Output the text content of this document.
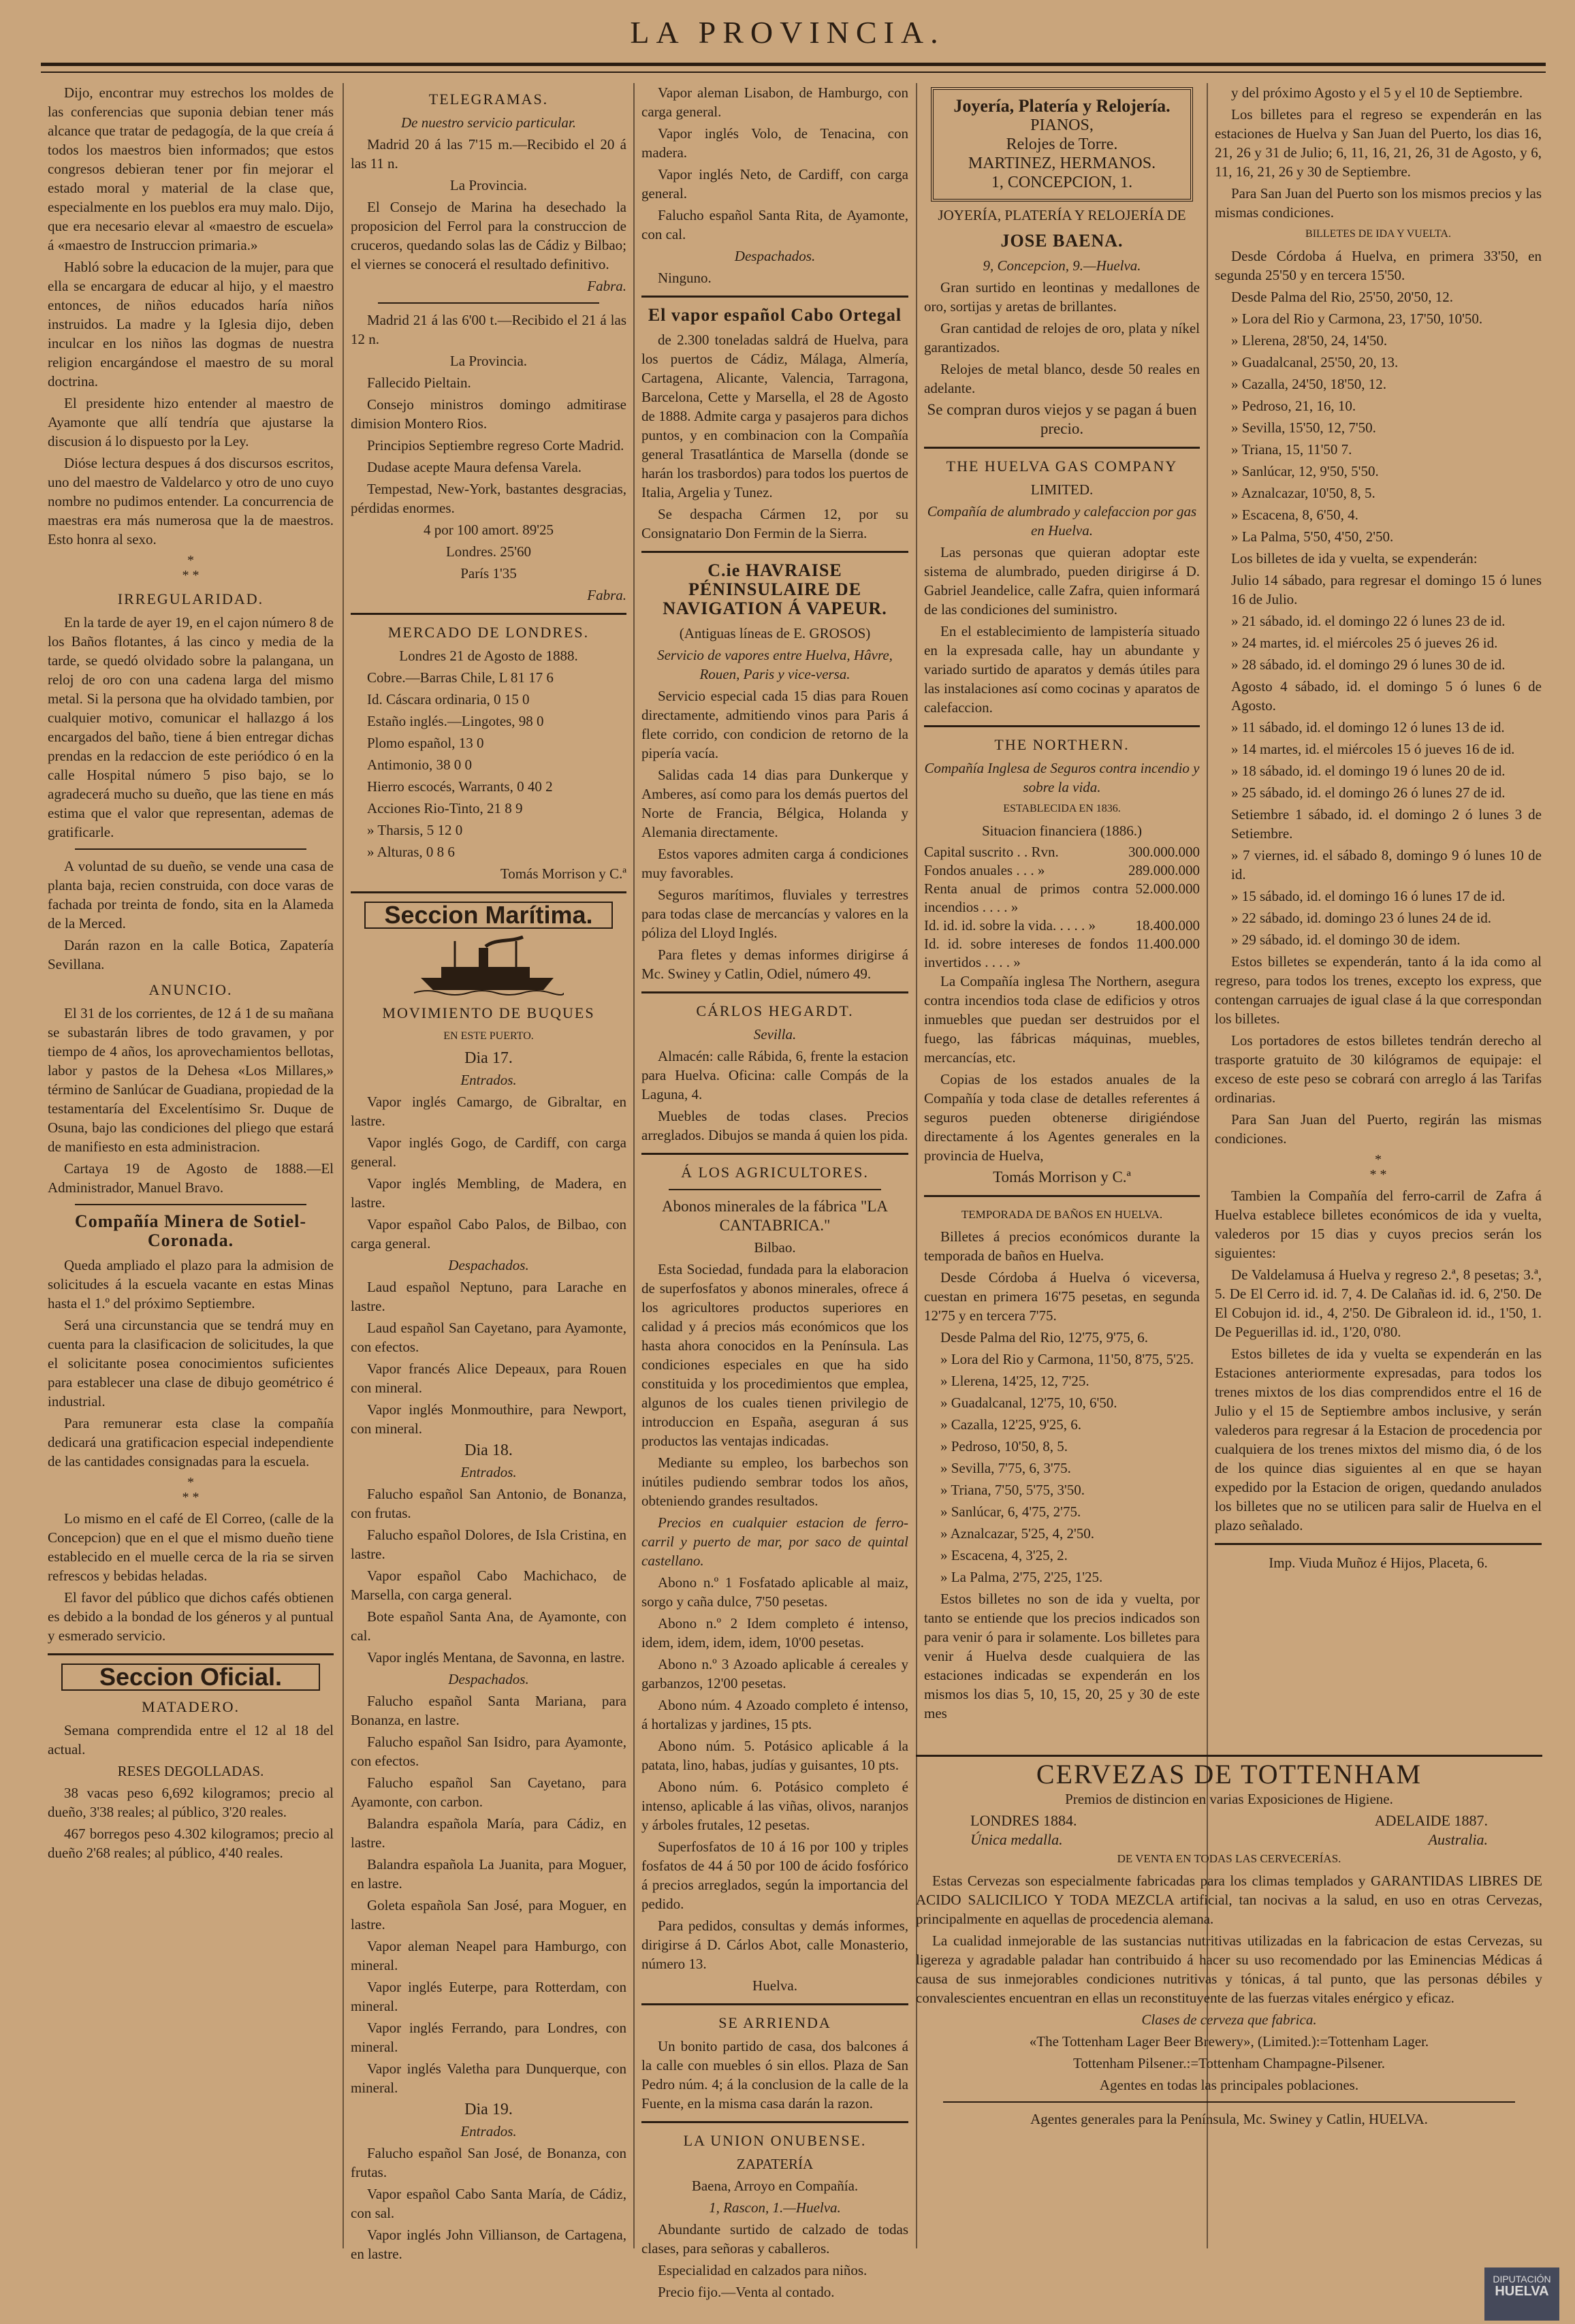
LA PROVINCIA.

Dijo, encontrar muy estrechos los moldes de las conferencias que suponia debian tener más alcance que tratar de pedagogía, de la que creía á todos los maestros bien informados; que estos congresos debieran tener por fin mejorar el estado moral y material de la clase que, especialmente en los pueblos era muy malo. Dijo, que era necesario elevar al «maestro de escuela» á «maestro de Instruccion primaria.»

Habló sobre la educacion de la mujer, para que ella se encargara de educar al hijo, y el maestro entonces, de niños educados haría niños instruidos. La madre y la Iglesia dijo, deben inculcar en los niños las dogmas de nuestra religion encargándose el maestro de su moral doctrina.

El presidente hizo entender al maestro de Ayamonte que allí tendría que ajustarse la discusion á lo dispuesto por la Ley.

Dióse lectura despues á dos discursos escritos, uno del maestro de Valdelarco y otro de uno cuyo nombre no pudimos entender. La concurrencia de maestras era más numerosa que la de maestros. Esto honra al sexo.

*
* *
IRREGULARIDAD.

En la tarde de ayer 19, en el cajon número 8 de los Baños flotantes, á las cinco y media de la tarde, se quedó olvidado sobre la palangana, un reloj de oro con una cadena larga del mismo metal. Si la persona que ha olvidado tambien, por cualquier motivo, comunicar el hallazgo á los encargados del baño, tiene á bien entregar dichas prendas en la redaccion de este periódico ó en la calle Hospital número 5 piso bajo, se lo agradecerá mucho su dueño, que las tiene en más estima que el valor que representan, ademas de gratificarle.

A voluntad de su dueño, se vende una casa de planta baja, recien construida, con doce varas de fachada por treinta de fondo, sita en la Alameda de la Merced.

Darán razon en la calle Botica, Zapatería Sevillana.

ANUNCIO.

El 31 de los corrientes, de 12 á 1 de su mañana se subastarán libres de todo gravamen, y por tiempo de 4 años, los aprovechamientos bellotas, labor y pastos de la Dehesa «Los Millares,» término de Sanlúcar de Guadiana, propiedad de la testamentaría del Excelentísimo Sr. Duque de Osuna, bajo las condiciones del pliego que estará de manifiesto en esta administracion.

Cartaya 19 de Agosto de 1888.—El Administrador, Manuel Bravo.

Compañía Minera de Sotiel-Coronada.

Queda ampliado el plazo para la admision de solicitudes á la escuela vacante en estas Minas hasta el 1.º del próximo Septiembre.

Será una circunstancia que se tendrá muy en cuenta para la clasificacion de solicitudes, la que el solicitante posea conocimientos suficientes para establecer una clase de dibujo geométrico é industrial.

Para remunerar esta clase la compañía dedicará una gratificacion especial independiente de las cantidades consignadas para la escuela.

*
* *

Lo mismo en el café de El Correo, (calle de la Concepcion) que en el que el mismo dueño tiene establecido en el muelle cerca de la ria se sirven refrescos y bebidas heladas.

El favor del público que dichos cafés obtienen es debido a la bondad de los géneros y al puntual y esmerado servicio.

Seccion Oficial.
MATADERO.

Semana comprendida entre el 12 al 18 del actual.

RESES DEGOLLADAS.

38 vacas peso 6,692 kilogramos; precio al dueño, 3'38 reales; al público, 3'20 reales.

467 borregos peso 4.302 kilogramos; precio al dueño 2'68 reales; al público, 4'40 reales.

TELEGRAMAS.

De nuestro servicio particular.

Madrid 20 á las 7'15 m.—Recibido el 20 á las 11 n.

La Provincia.

El Consejo de Marina ha desechado la proposicion del Ferrol para la construccion de cruceros, quedando solas las de Cádiz y Bilbao; el viernes se conocerá el resultado definitivo.

Fabra.

Madrid 21 á las 6'00 t.—Recibido el 21 á las 12 n.

La Provincia.

Fallecido Pieltain.

Consejo ministros domingo admitirase dimision Montero Rios.

Principios Septiembre regreso Corte Madrid.

Dudase acepte Maura defensa Varela.

Tempestad, New-York, bastantes desgracias, pérdidas enormes.

4 por 100 amort. 89'25

Londres. 25'60

París 1'35

Fabra.

MERCADO DE LONDRES.

Londres 21 de Agosto de 1888.

Cobre.—Barras Chile, L 81 17 6

Id. Cáscara ordinaria, 0 15 0

Estaño inglés.—Lingotes, 98 0

Plomo español, 13 0

Antimonio, 38 0 0

Hierro escocés, Warrants, 0 40 2

Acciones Rio-Tinto, 21 8 9

» Tharsis, 5 12 0

» Alturas, 0 8 6

Tomás Morrison y C.ª

Seccion Marítima.
MOVIMIENTO DE BUQUES

EN ESTE PUERTO.

Dia 17.

Entrados.

Vapor inglés Camargo, de Gibraltar, en lastre.

Vapor inglés Gogo, de Cardiff, con carga general.

Vapor inglés Membling, de Madera, en lastre.

Vapor español Cabo Palos, de Bilbao, con carga general.

Despachados.

Laud español Neptuno, para Larache en lastre.

Laud español San Cayetano, para Ayamonte, con efectos.

Vapor francés Alice Depeaux, para Rouen con mineral.

Vapor inglés Monmouthire, para Newport, con mineral.

Dia 18.

Entrados.

Falucho español San Antonio, de Bonanza, con frutas.

Falucho español Dolores, de Isla Cristina, en lastre.

Vapor español Cabo Machichaco, de Marsella, con carga general.

Bote español Santa Ana, de Ayamonte, con cal.

Vapor inglés Mentana, de Savonna, en lastre.

Despachados.

Falucho español Santa Mariana, para Bonanza, en lastre.

Falucho español San Isidro, para Ayamonte, con efectos.

Falucho español San Cayetano, para Ayamonte, con carbon.

Balandra española María, para Cádiz, en lastre.

Balandra española La Juanita, para Moguer, en lastre.

Goleta española San José, para Moguer, en lastre.

Vapor aleman Neapel para Hamburgo, con mineral.

Vapor inglés Euterpe, para Rotterdam, con mineral.

Vapor inglés Ferrando, para Londres, con mineral.

Vapor inglés Valetha para Dunquerque, con mineral.

Dia 19.

Entrados.

Falucho español San José, de Bonanza, con frutas.

Vapor español Cabo Santa María, de Cádiz, con sal.

Vapor inglés John Villianson, de Cartagena, en lastre.

Vapor aleman Lisabon, de Hamburgo, con carga general.

Vapor inglés Volo, de Tenacina, con madera.

Vapor inglés Neto, de Cardiff, con carga general.

Falucho español Santa Rita, de Ayamonte, con cal.

Despachados.

Ninguno.

El vapor español Cabo Ortegal

de 2.300 toneladas saldrá de Huelva, para los puertos de Cádiz, Málaga, Almería, Cartagena, Alicante, Valencia, Tarragona, Barcelona, Cette y Marsella, el 28 de Agosto de 1888. Admite carga y pasajeros para dichos puntos, y en combinacion con la Compañía general Trasatlántica de Marsella (donde se harán los trasbordos) para todos los puertos de Italia, Argelia y Tunez.

Se despacha Cármen 12, por su Consignatario Don Fermin de la Sierra.

C.ie HAVRAISE PÉNINSULAIRE DE NAVIGATION Á VAPEUR.

(Antiguas líneas de E. GROSOS)

Servicio de vapores entre Huelva, Hâvre, Rouen, Paris y vice-versa.

Servicio especial cada 15 dias para Rouen directamente, admitiendo vinos para Paris á flete corrido, con condicion de retorno de la pipería vacía.

Salidas cada 14 dias para Dunkerque y Amberes, así como para los demás puertos del Norte de Francia, Bélgica, Holanda y Alemania directamente.

Estos vapores admiten carga á condiciones muy favorables.

Seguros marítimos, fluviales y terrestres para todas clase de mercancías y valores en la póliza del Lloyd Inglés.

Para fletes y demas informes dirigirse á Mc. Swiney y Catlin, Odiel, número 49.

CÁRLOS HEGARDT.

Sevilla.

Almacén: calle Rábida, 6, frente la estacion para Huelva. Oficina: calle Compás de la Laguna, 4.

Muebles de todas clases. Precios arreglados. Dibujos se manda á quien los pida.

Á LOS AGRICULTORES.

Abonos minerales de la fábrica "LA CANTABRICA."

Bilbao.

Esta Sociedad, fundada para la elaboracion de superfosfatos y abonos minerales, ofrece á los agricultores productos superiores en calidad y á precios más económicos que los hasta ahora conocidos en la Península. Las condiciones especiales en que ha sido constituida y los procedimientos que emplea, algunos de los cuales tienen privilegio de introduccion en España, aseguran á sus productos las ventajas indicadas.

Mediante su empleo, los barbechos son inútiles pudiendo sembrar todos los años, obteniendo grandes resultados.

Precios en cualquier estacion de ferro-carril y puerto de mar, por saco de quintal castellano.

Abono n.º 1 Fosfatado aplicable al maiz, sorgo y caña dulce, 7'50 pesetas.

Abono n.º 2 Idem completo é intenso, idem, idem, idem, idem, 10'00 pesetas.

Abono n.º 3 Azoado aplicable á cereales y garbanzos, 12'00 pesetas.

Abono núm. 4 Azoado completo é intenso, á hortalizas y jardines, 15 pts.

Abono núm. 5. Potásico aplicable á la patata, lino, habas, judías y guisantes, 10 pts.

Abono núm. 6. Potásico completo é intenso, aplicable á las viñas, olivos, naranjos y árboles frutales, 12 pesetas.

Superfosfatos de 10 á 16 por 100 y triples fosfatos de 44 á 50 por 100 de ácido fosfórico á precios arreglados, según la importancia del pedido.

Para pedidos, consultas y demás informes, dirigirse á D. Cárlos Abot, calle Monasterio, número 13.

Huelva.

SE ARRIENDA

Un bonito partido de casa, dos balcones á la calle con muebles ó sin ellos. Plaza de San Pedro núm. 4; á la conclusion de la calle de la Fuente, en la misma casa darán la razon.

LA UNION ONUBENSE.

ZAPATERÍA

Baena, Arroyo en Compañía.

1, Rascon, 1.—Huelva.

Abundante surtido de calzado de todas clases, para señoras y caballeros.

Especialidad en calzados para niños.

Precio fijo.—Venta al contado.

Joyería, Platería y Relojería.
PIANOS,
Relojes de Torre.
MARTINEZ, HERMANOS.
1, CONCEPCION, 1.

JOYERÍA, PLATERÍA Y RELOJERÍA DE

JOSE BAENA.

9, Concepcion, 9.—Huelva.

Gran surtido en leontinas y medallones de oro, sortijas y aretas de brillantes.

Gran cantidad de relojes de oro, plata y níkel garantizados.

Relojes de metal blanco, desde 50 reales en adelante.

Se compran duros viejos y se pagan á buen precio.

THE HUELVA GAS COMPANY

LIMITED.

Compañía de alumbrado y calefaccion por gas en Huelva.

Las personas que quieran adoptar este sistema de alumbrado, pueden dirigirse á D. Gabriel Jeandelice, calle Zafra, quien informará de las condiciones del suministro.

En el establecimiento de lampistería situado en la expresada calle, hay un abundante y variado surtido de aparatos y demás útiles para las instalaciones así como cocinas y aparatos de calefaccion.

THE NORTHERN.

Compañía Inglesa de Seguros contra incendio y sobre la vida.

ESTABLECIDA EN 1836.

Situacion financiera (1886.)

Capital suscrito . . Rvn.	300.000.000
Fondos anuales . . . »	289.000.000
Renta anual de primos contra incendios . . . . »	52.000.000
Id. id. id. sobre la vida. . . . . »	18.400.000
Id. id. sobre intereses de fondos invertidos . . . . »	11.400.000

La Compañía inglesa The Northern, asegura contra incendios toda clase de edificios y otros inmuebles que puedan ser destruidos por el fuego, las fábricas máquinas, muebles, mercancías, etc.

Copias de los estados anuales de la Compañía y toda clase de detalles referentes á seguros pueden obtenerse dirigiéndose directamente á los Agentes generales en la provincia de Huelva,

Tomás Morrison y C.ª

TEMPORADA DE BAÑOS EN HUELVA.

Billetes á precios económicos durante la temporada de baños en Huelva.

Desde Córdoba á Huelva ó viceversa, cuestan en primera 16'75 pesetas, en segunda 12'75 y en tercera 7'75.

Desde Palma del Rio, 12'75, 9'75, 6.

» Lora del Rio y Carmona, 11'50, 8'75, 5'25.

» Llerena, 14'25, 12, 7'25.

» Guadalcanal, 12'75, 10, 6'50.

» Cazalla, 12'25, 9'25, 6.

» Pedroso, 10'50, 8, 5.

» Sevilla, 7'75, 6, 3'75.

» Triana, 7'50, 5'75, 3'50.

» Sanlúcar, 6, 4'75, 2'75.

» Aznalcazar, 5'25, 4, 2'50.

» Escacena, 4, 3'25, 2.

» La Palma, 2'75, 2'25, 1'25.

Estos billetes no son de ida y vuelta, por tanto se entiende que los precios indicados son para venir ó para ir solamente. Los billetes para venir á Huelva desde cualquiera de las estaciones indicadas se expenderán en los mismos los dias 5, 10, 15, 20, 25 y 30 de este mes

y del próximo Agosto y el 5 y el 10 de Septiembre.

Los billetes para el regreso se expenderán en las estaciones de Huelva y San Juan del Puerto, los dias 16, 21, 26 y 31 de Julio; 6, 11, 16, 21, 26, 31 de Agosto, y 6, 11, 16, 21, 26 y 30 de Septiembre.

Para San Juan del Puerto son los mismos precios y las mismas condiciones.

BILLETES DE IDA Y VUELTA.

Desde Córdoba á Huelva, en primera 33'50, en segunda 25'50 y en tercera 15'50.

Desde Palma del Rio, 25'50, 20'50, 12.

» Lora del Rio y Carmona, 23, 17'50, 10'50.

» Llerena, 28'50, 24, 14'50.

» Guadalcanal, 25'50, 20, 13.

» Cazalla, 24'50, 18'50, 12.

» Pedroso, 21, 16, 10.

» Sevilla, 15'50, 12, 7'50.

» Triana, 15, 11'50 7.

» Sanlúcar, 12, 9'50, 5'50.

» Aznalcazar, 10'50, 8, 5.

» Escacena, 8, 6'50, 4.

» La Palma, 5'50, 4'50, 2'50.

Los billetes de ida y vuelta, se expenderán:

Julio 14 sábado, para regresar el domingo 15 ó lunes 16 de Julio.

» 21 sábado, id. el domingo 22 ó lunes 23 de id.

» 24 martes, id. el miércoles 25 ó jueves 26 id.

» 28 sábado, id. el domingo 29 ó lunes 30 de id.

Agosto 4 sábado, id. el domingo 5 ó lunes 6 de Agosto.

» 11 sábado, id. el domingo 12 ó lunes 13 de id.

» 14 martes, id. el miércoles 15 ó jueves 16 de id.

» 18 sábado, id. el domingo 19 ó lunes 20 de id.

» 25 sábado, id. el domingo 26 ó lunes 27 de id.

Setiembre 1 sábado, id. el domingo 2 ó lunes 3 de Setiembre.

» 7 viernes, id. el sábado 8, domingo 9 ó lunes 10 de id.

» 15 sábado, id. el domingo 16 ó lunes 17 de id.

» 22 sábado, id. domingo 23 ó lunes 24 de id.

» 29 sábado, id. el domingo 30 de idem.

Estos billetes se expenderán, tanto á la ida como al regreso, para todos los trenes, excepto los express, que contengan carruajes de igual clase á la que correspondan los billetes.

Los portadores de estos billetes tendrán derecho al trasporte gratuito de 30 kilógramos de equipaje: el exceso de este peso se cobrará con arreglo á las Tarifas ordinarias.

Para San Juan del Puerto, regirán las mismas condiciones.

*
* *

Tambien la Compañía del ferro-carril de Zafra á Huelva establece billetes económicos de ida y vuelta, valederos por 15 dias y cuyos precios serán los siguientes:

De Valdelamusa á Huelva y regreso 2.ª, 8 pesetas; 3.ª, 5. De El Cerro id. id. 7, 4. De Calañas id. id. 6, 2'50. De El Cobujon id. id., 4, 2'50. De Gibraleon id. id., 1'50, 1. De Peguerillas id. id., 1'20, 0'80.

Estos billetes de ida y vuelta se expenderán en las Estaciones anteriormente expresadas, para todos los trenes mixtos de los dias comprendidos entre el 16 de Julio y el 15 de Septiembre ambos inclusive, y serán valederos para regresar á la Estacion de procedencia por cualquiera de los trenes mixtos del mismo dia, ó de los de los quince dias siguientes al en que se hayan expedido por la Estacion de origen, quedando anulados los billetes que no se utilicen para salir de Huelva en el plazo señalado.

Imp. Viuda Muñoz é Hijos, Placeta, 6.

CERVEZAS DE TOTTENHAM

Premios de distincion en varias Exposiciones de Higiene.

LONDRES 1884.	ADELAIDE 1887.
Única medalla.	Australia.

DE VENTA EN TODAS LAS CERVECERÍAS.

Estas Cervezas son especialmente fabricadas para los climas templados y GARANTIDAS LIBRES DE ACIDO SALICILICO Y TODA MEZCLA artificial, tan nocivas a la salud, en uso en otras Cervezas, principalmente en aquellas de procedencia alemana.

La cualidad inmejorable de las sustancias nutritivas utilizadas en la fabricacion de estas Cervezas, su ligereza y agradable paladar han contribuido á hacer su uso recomendado por las Eminencias Médicas á causa de sus inmejorables condiciones nutritivas y tónicas, á tal punto, que las personas débiles y convalescientes encuentran en ellas un reconstituyente de las fuerzas vitales enérgico y eficaz.

Clases de cerveza que fabrica.

«The Tottenham Lager Beer Brewery», (Limited.):=Tottenham Lager.

Tottenham Pilsener.:=Tottenham Champagne-Pilsener.

Agentes en todas las principales poblaciones.

Agentes generales para la Península, Mc. Swiney y Catlin, HUELVA.

DIPUTACIÓN
HUELVA
